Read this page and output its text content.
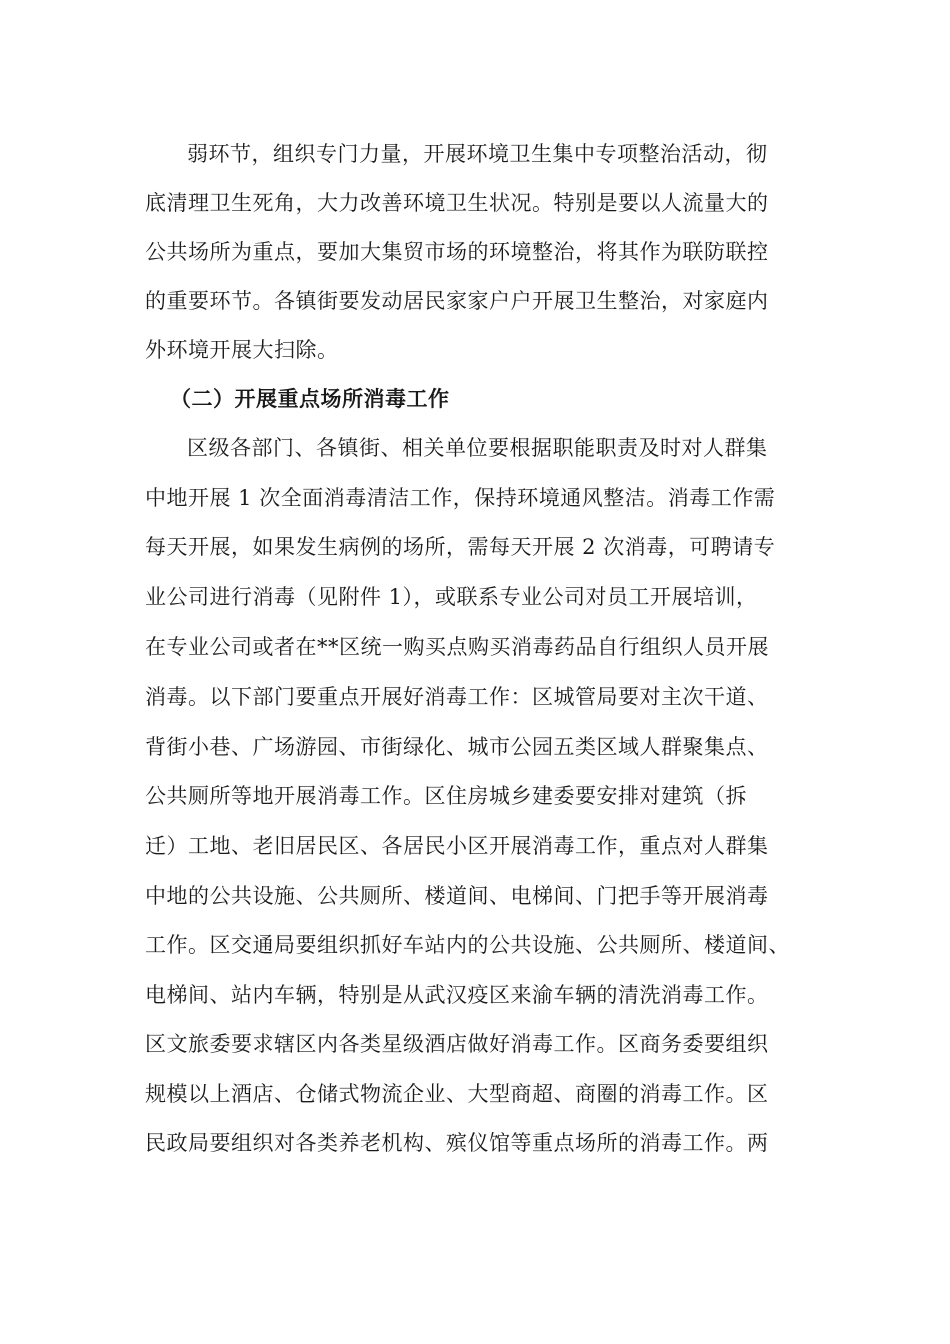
弱环节，组织专门力量，开展环境卫生集中专项整治活动，彻
底清理卫生死角，大力改善环境卫生状况。特别是要以人流量大的
公共场所为重点，要加大集贸市场的环境整治，将其作为联防联控
的重要环节。各镇街要发动居民家家户户开展卫生整治，对家庭内
外环境开展大扫除。
（二）开展重点场所消毒工作
区级各部门、各镇街、相关单位要根据职能职责及时对人群集
中地开展 1 次全面消毒清洁工作，保持环境通风整洁。消毒工作需
每天开展，如果发生病例的场所，需每天开展 2 次消毒，可聘请专
业公司进行消毒（见附件 1），或联系专业公司对员工开展培训，
在专业公司或者在**区统一购买点购买消毒药品自行组织人员开展
消毒。以下部门要重点开展好消毒工作：区城管局要对主次干道、
背街小巷、广场游园、市街绿化、城市公园五类区域人群聚集点、
公共厕所等地开展消毒工作。区住房城乡建委要安排对建筑（拆
迁）工地、老旧居民区、各居民小区开展消毒工作，重点对人群集
中地的公共设施、公共厕所、楼道间、电梯间、门把手等开展消毒
工作。区交通局要组织抓好车站内的公共设施、公共厕所、楼道间、
电梯间、站内车辆，特别是从武汉疫区来渝车辆的清洗消毒工作。
区文旅委要求辖区内各类星级酒店做好消毒工作。区商务委要组织
规模以上酒店、仓储式物流企业、大型商超、商圈的消毒工作。区
民政局要组织对各类养老机构、殡仪馆等重点场所的消毒工作。两
